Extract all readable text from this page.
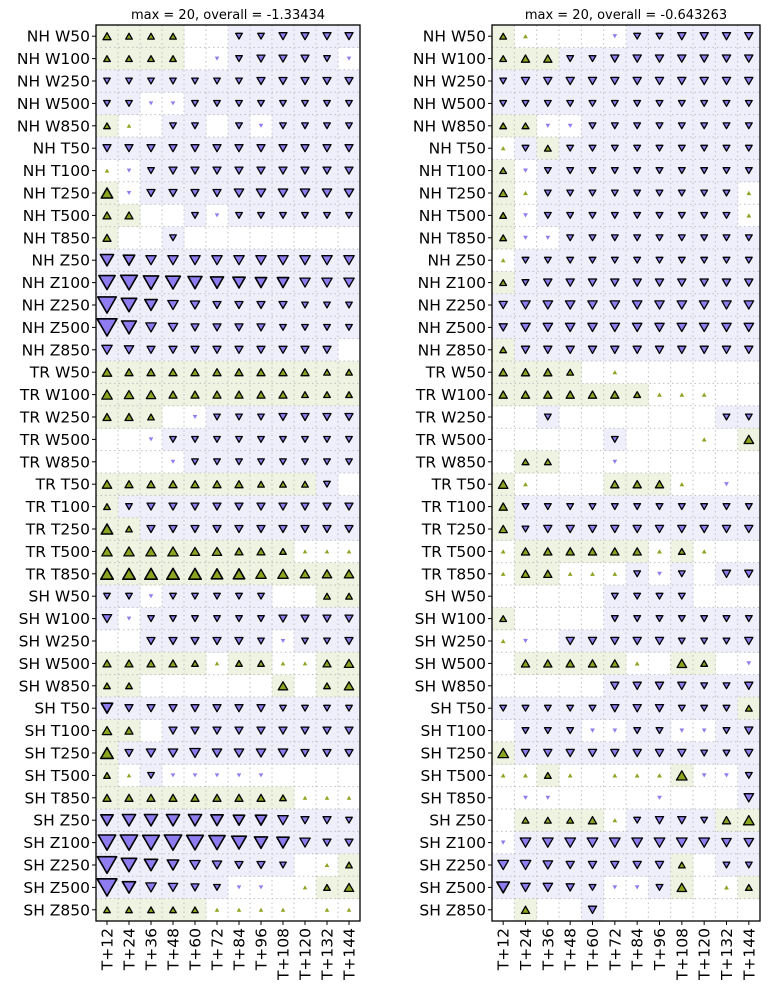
NH W50
NH W100
NH W250
NH W500
NH W850
NH T50
NH T100
NH T250
NH T500
NH T850
NH Z50
NH Z100
NH Z250
NH Z500
NH Z850
TR W50
TR W100
TR W250
TR W500
TR W850
TR T50
TR T100
TR T250
TR T500
TR T850
SH W50
SH W100
SH W250
SH W500
SH W850
SH T50
SH T100
SH T250
SH T500
SH T850
SH Z50
SH Z100
SH Z250
SH Z500
SH Z850
T+12 T+24 T+36 T+48 T+60 T+72 T+84 T+96 T+108 T+120 T+132 T+144
max = 20, overall = -1.33434
NH W50
NH W100
NH W250
NH W500
NH W850
NH T50
NH T100
NH T250
NH T500
NH T850
NH Z50
NH Z100
NH Z250
NH Z500
NH Z850
TR W50
TR W100
TR W250
TR W500
TR W850
TR T50
TR T100
TR T250
TR T500
TR T850
SH W50
SH W100
SH W250
SH W500
SH W850
SH T50
SH T100
SH T250
SH T500
SH T850
SH Z50
SH Z100
SH Z250
SH Z500
SH Z850
T+12 T+24 T+36 T+48 T+60 T+72 T+84 T+96 T+108 T+120 T+132 T+144
max = 20, overall = -0.643263
